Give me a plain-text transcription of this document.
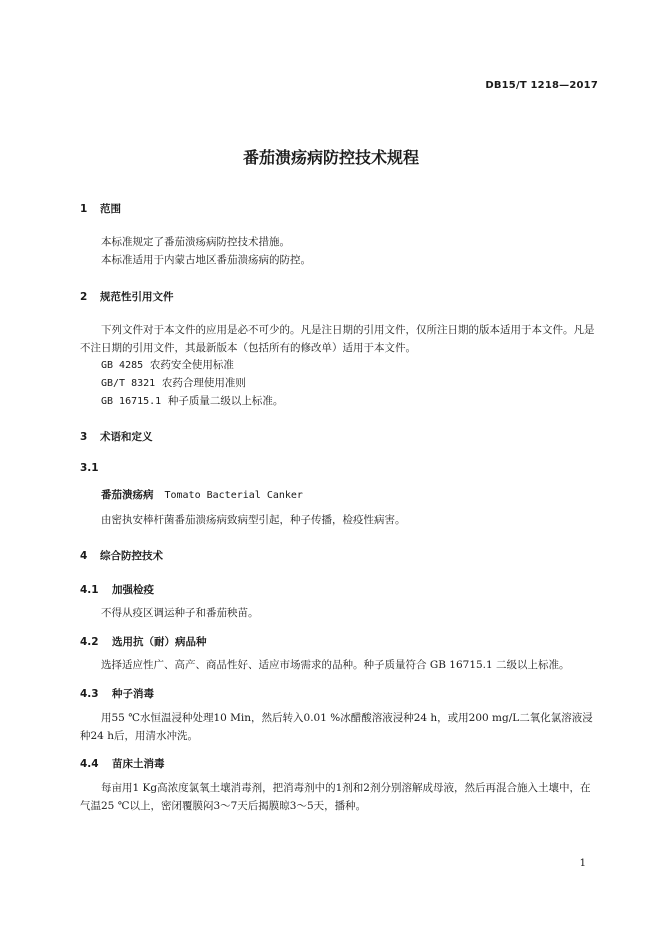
DB15/T 1218—2017
番茄溃疡病防控技术规程
1 范围
本标准规定了番茄溃疡病防控技术措施。
本标准适用于内蒙古地区番茄溃疡病的防控。
2 规范性引用文件
下列文件对于本文件的应用是必不可少的。凡是注日期的引用文件，仅所注日期的版本适用于本文件。凡是不注日期的引用文件，其最新版本（包括所有的修改单）适用于本文件。
GB 4285 农药安全使用标准
GB/T 8321 农药合理使用准则
GB 16715.1 种子质量二级以上标准。
3 术语和定义
3.1
番茄溃疡病 Tomato Bacterial Canker
由密执安棒杆菌番茄溃疡病致病型引起，种子传播，检疫性病害。
4 综合防控技术
4.1 加强检疫
不得从疫区调运种子和番茄秧苗。
4.2 选用抗（耐）病品种
选择适应性广、高产、商品性好、适应市场需求的品种。种子质量符合 GB 16715.1 二级以上标准。
4.3 种子消毒
用55 ℃水恒温浸种处理10 Min，然后转入0.01 %冰醋酸溶液浸种24 h，或用200 mg/L二氧化氯溶液浸种24 h后，用清水冲洗。
4.4 苗床土消毒
每亩用1 Kg高浓度氯氧土壤消毒剂，把消毒剂中的1剂和2剂分别溶解成母液，然后再混合施入土壤中，在气温25 ℃以上，密闭覆膜闷3～7天后揭膜晾3～5天，播种。
1
